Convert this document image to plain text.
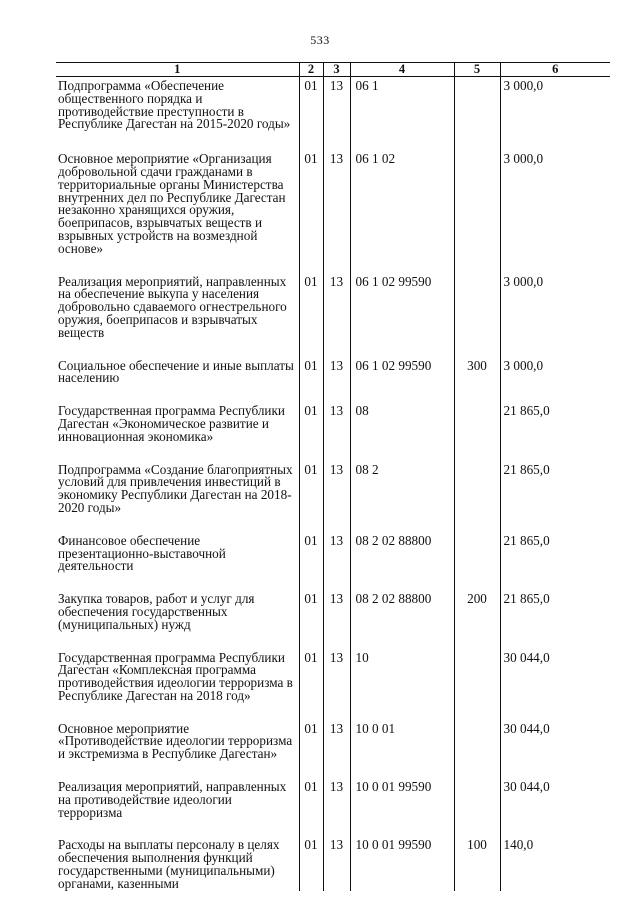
533
1	2	3	4	5	6
Подпрограмма «Обеспечение общественного порядка и противодействие преступности в Республике Дагестан на 2015-2020 годы»	01	13	06 1		3 000,0
Основное мероприятие «Организация добровольной сдачи гражданами в территориальные органы Министерства внутренних дел по Республике Дагестан незаконно хранящихся оружия, боеприпасов, взрывчатых веществ и взрывных устройств на возмездной основе»	01	13	06 1 02		3 000,0
Реализация мероприятий, направленных на обеспечение выкупа у населения добровольно сдаваемого огнестрельного оружия, боеприпасов и взрывчатых веществ	01	13	06 1 02 99590		3 000,0
Социальное обеспечение и иные выплаты населению	01	13	06 1 02 99590	300	3 000,0
Государственная программа Республики Дагестан «Экономическое развитие и инновационная экономика»	01	13	08		21 865,0
Подпрограмма «Создание благоприятных условий для привлечения инвестиций в экономику Республики Дагестан на 2018-2020 годы»	01	13	08 2		21 865,0
Финансовое обеспечение презентационно-выставочной деятельности	01	13	08 2 02 88800		21 865,0
Закупка товаров, работ и услуг для обеспечения государственных (муниципальных) нужд	01	13	08 2 02 88800	200	21 865,0
Государственная программа Республики Дагестан «Комплексная программа противодействия идеологии терроризма в Республике Дагестан на 2018 год»	01	13	10		30 044,0
Основное мероприятие «Противодействие идеологии терроризма и экстремизма в Республике Дагестан»	01	13	10 0 01		30 044,0
Реализация мероприятий, направленных на противодействие идеологии терроризма	01	13	10 0 01 99590		30 044,0
Расходы на выплаты персоналу в целях обеспечения выполнения функций государственными (муниципальными) органами, казенными	01	13	10 0 01 99590	100	140,0
